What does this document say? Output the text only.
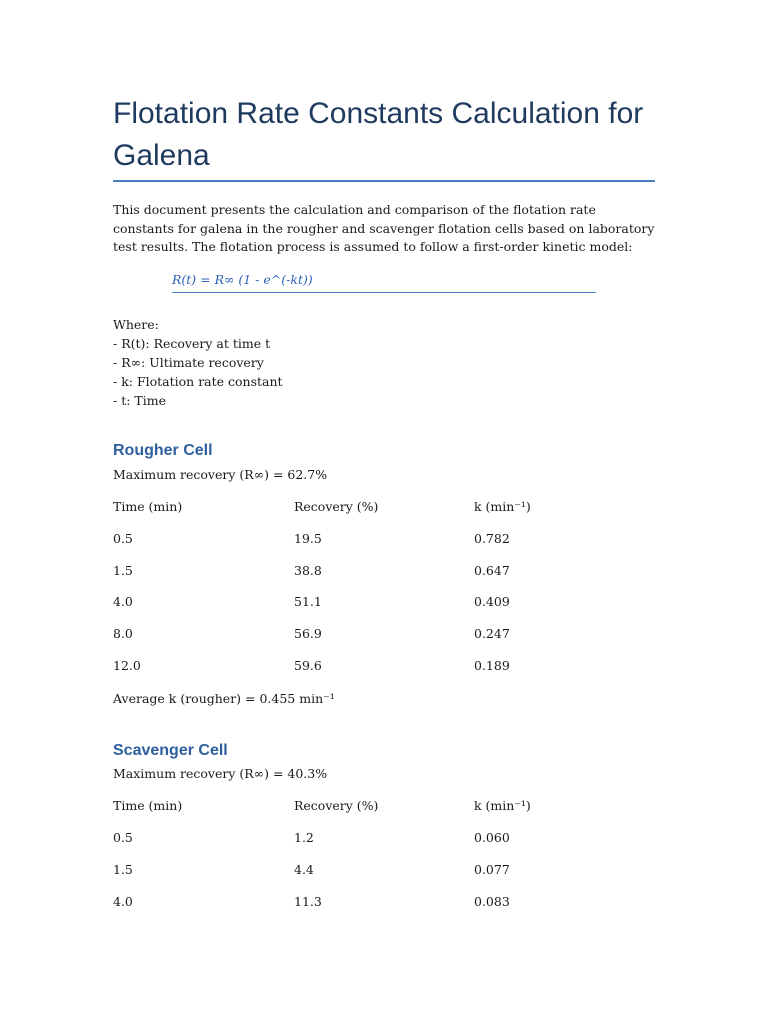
Flotation Rate Constants Calculation for Galena

This document presents the calculation and comparison of the flotation rate constants for galena in the rougher and scavenger flotation cells based on laboratory test results. The flotation process is assumed to follow a first-order kinetic model:

R(t) = R∞ (1 - e^(-kt))
Where:
- R(t): Recovery at time t
- R∞: Ultimate recovery
- k: Flotation rate constant
- t: Time
Rougher Cell
Maximum recovery (R∞) = 62.7%
Time (min)	Recovery (%)	k (min⁻¹)
0.5	19.5	0.782
1.5	38.8	0.647
4.0	51.1	0.409
8.0	56.9	0.247
12.0	59.6	0.189
Average k (rougher) = 0.455 min⁻¹
Scavenger Cell
Maximum recovery (R∞) = 40.3%
Time (min)	Recovery (%)	k (min⁻¹)
0.5	1.2	0.060
1.5	4.4	0.077
4.0	11.3	0.083
